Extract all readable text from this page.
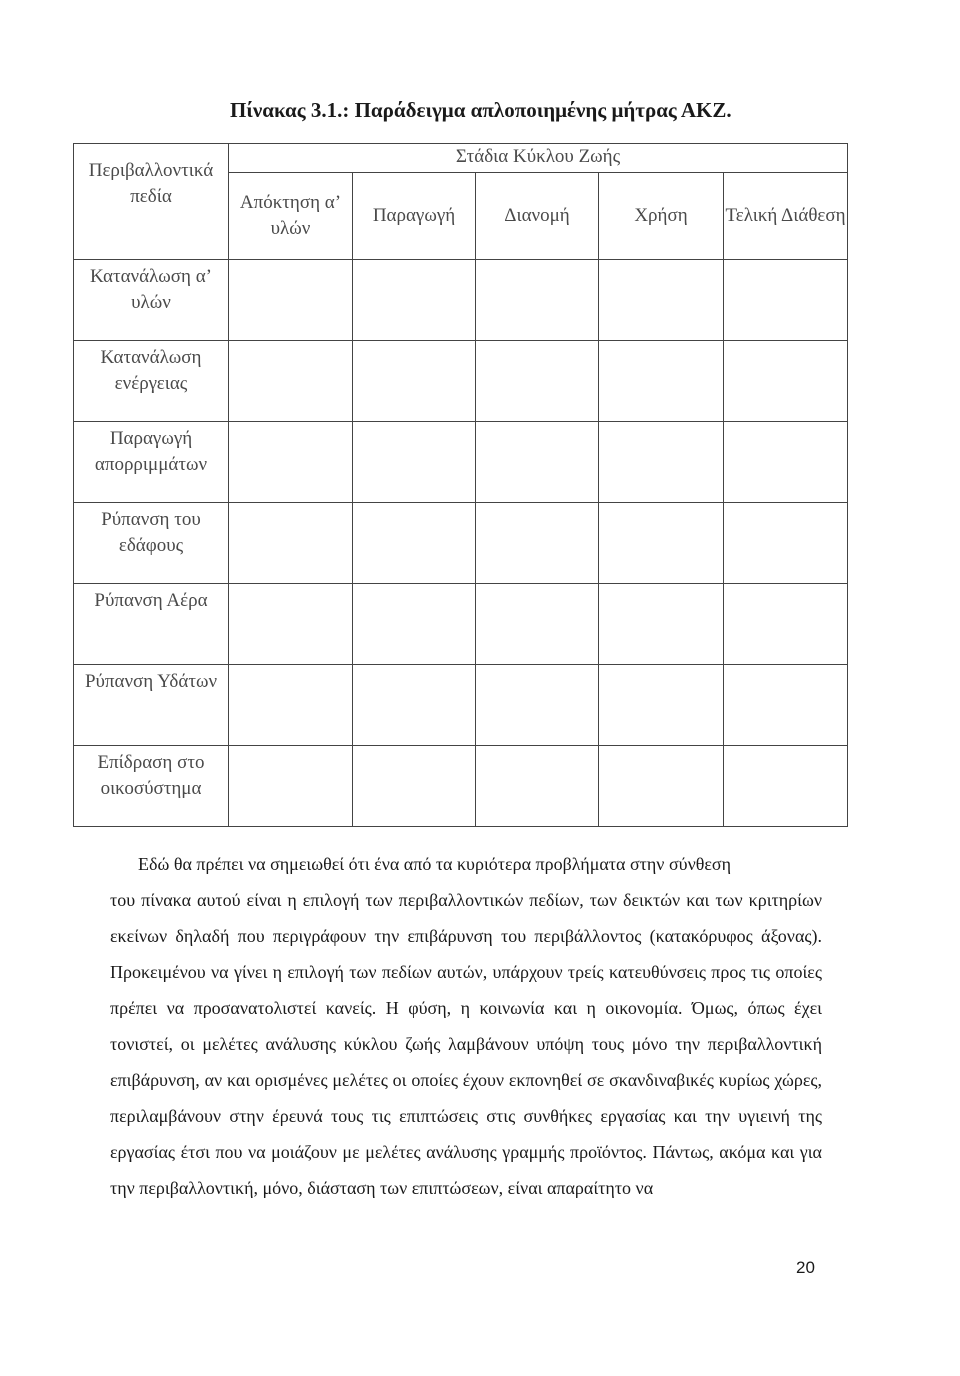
Πίνακας 3.1.: Παράδειγμα απλοποιημένης μήτρας ΑΚΖ.
Περιβαλλοντικά πεδία	Στάδια Κύκλου Ζωής				
	Απόκτηση α’ υλών	Παραγωγή	Διανομή	Χρήση	Τελική Διάθεση
Κατανάλωση α’ υλών					
Κατανάλωση ενέργειας					
Παραγωγή απορριμμάτων					
Ρύπανση του εδάφους					
Ρύπανση Αέρα					
Ρύπανση Υδάτων					
Επίδραση στο οικοσύστημα					

Εδώ θα πρέπει να σημειωθεί ότι ένα από τα κυριότερα προβλήματα στην σύνθεση
του πίνακα αυτού είναι η επιλογή των περιβαλλοντικών πεδίων, των δεικτών και των κριτηρίων εκείνων δηλαδή που περιγράφουν την επιβάρυνση του περιβάλλοντος (κατακόρυφος άξονας). Προκειμένου να γίνει η επιλογή των πεδίων αυτών, υπάρχουν τρείς κατευθύνσεις προς τις οποίες πρέπει να προσανατολιστεί κανείς. Η φύση, η κοινωνία και η οικονομία. Όμως, όπως έχει τονιστεί, οι μελέτες ανάλυσης κύκλου ζωής λαμβάνουν υπόψη τους μόνο την περιβαλλοντική επιβάρυνση, αν και ορισμένες μελέτες οι οποίες έχουν εκπονηθεί σε σκανδιναβικές κυρίως χώρες, περιλαμβάνουν στην έρευνά τους τις επιπτώσεις στις συνθήκες εργασίας και την υγιεινή της εργασίας έτσι που να μοιάζουν με μελέτες ανάλυσης γραμμής προϊόντος. Πάντως, ακόμα και για την περιβαλλοντική, μόνο, διάσταση των επιπτώσεων, είναι απαραίτητο να

20
